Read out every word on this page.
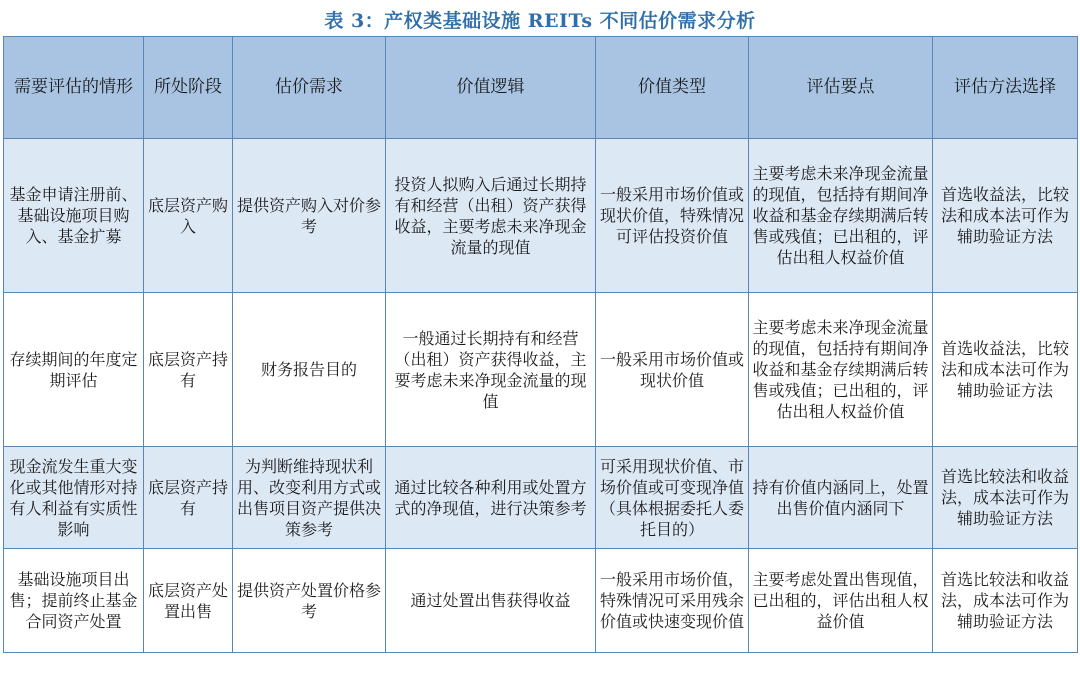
表 3：产权类基础设施 REITs 不同估价需求分析
需要评估的情形	所处阶段	估价需求	价值逻辑	价值类型	评估要点	评估方法选择
基金申请注册前、基础设施项目购入、基金扩募	底层资产购入	提供资产购入对价参考	投资人拟购入后通过长期持有和经营（出租）资产获得收益，主要考虑未来净现金流量的现值	一般采用市场价值或现状价值，特殊情况可评估投资价值	主要考虑未来净现金流量的现值，包括持有期间净收益和基金存续期满后转售或残值；已出租的，评估出租人权益价值	首选收益法，比较法和成本法可作为辅助验证方法
存续期间的年度定期评估	底层资产持有	财务报告目的	一般通过长期持有和经营（出租）资产获得收益，主要考虑未来净现金流量的现值	一般采用市场价值或现状价值	主要考虑未来净现金流量的现值，包括持有期间净收益和基金存续期满后转售或残值；已出租的，评估出租人权益价值	首选收益法，比较法和成本法可作为辅助验证方法
现金流发生重大变化或其他情形对持有人利益有实质性影响	底层资产持有	为判断维持现状利用、改变利用方式或出售项目资产提供决策参考	通过比较各种利用或处置方式的净现值，进行决策参考	可采用现状价值、市场价值或可变现净值（具体根据委托人委托目的）	持有价值内涵同上，处置出售价值内涵同下	首选比较法和收益法，成本法可作为辅助验证方法
基础设施项目出售；提前终止基金合同资产处置	底层资产处置出售	提供资产处置价格参考	通过处置出售获得收益	一般采用市场价值，特殊情况可采用残余价值或快速变现价值	主要考虑处置出售现值，已出租的，评估出租人权益价值	首选比较法和收益法，成本法可作为辅助验证方法
